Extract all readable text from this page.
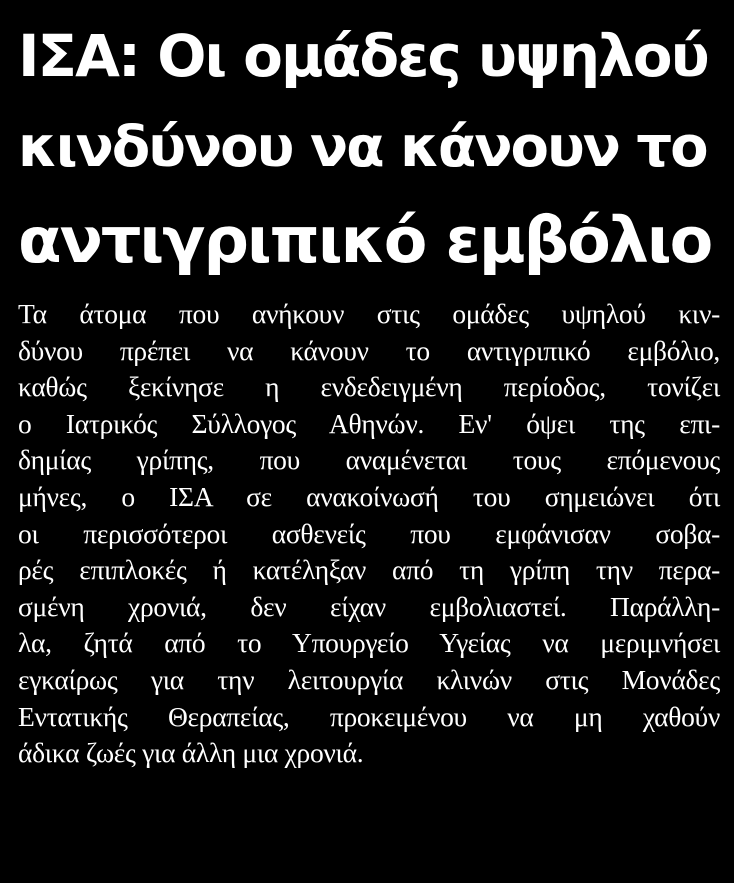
ΙΣΑ: Οι ομάδες υψηλού
κινδύνου να κάνουν το
αντιγριπικό εμβόλιο
Τα άτομα που ανήκουν στις ομάδες υψηλού κιν-
δύνου πρέπει να κάνουν το αντιγριπικό εμβόλιο,
καθώς ξεκίνησε η ενδεδειγμένη περίοδος, τονίζει
ο Ιατρικός Σύλλογος Αθηνών. Εν' όψει της επι-
δημίας γρίπης, που αναμένεται τους επόμενους
μήνες, ο ΙΣΑ σε ανακοίνωσή του σημειώνει ότι
οι περισσότεροι ασθενείς που εμφάνισαν σοβα-
ρές επιπλοκές ή κατέληξαν από τη γρίπη την περα-
σμένη χρονιά, δεν είχαν εμβολιαστεί. Παράλλη-
λα, ζητά από το Υπουργείο Υγείας να μεριμνήσει
εγκαίρως για την λειτουργία κλινών στις Μονάδες
Εντατικής Θεραπείας, προκειμένου να μη χαθούν
άδικα ζωές για άλλη μια χρονιά.
